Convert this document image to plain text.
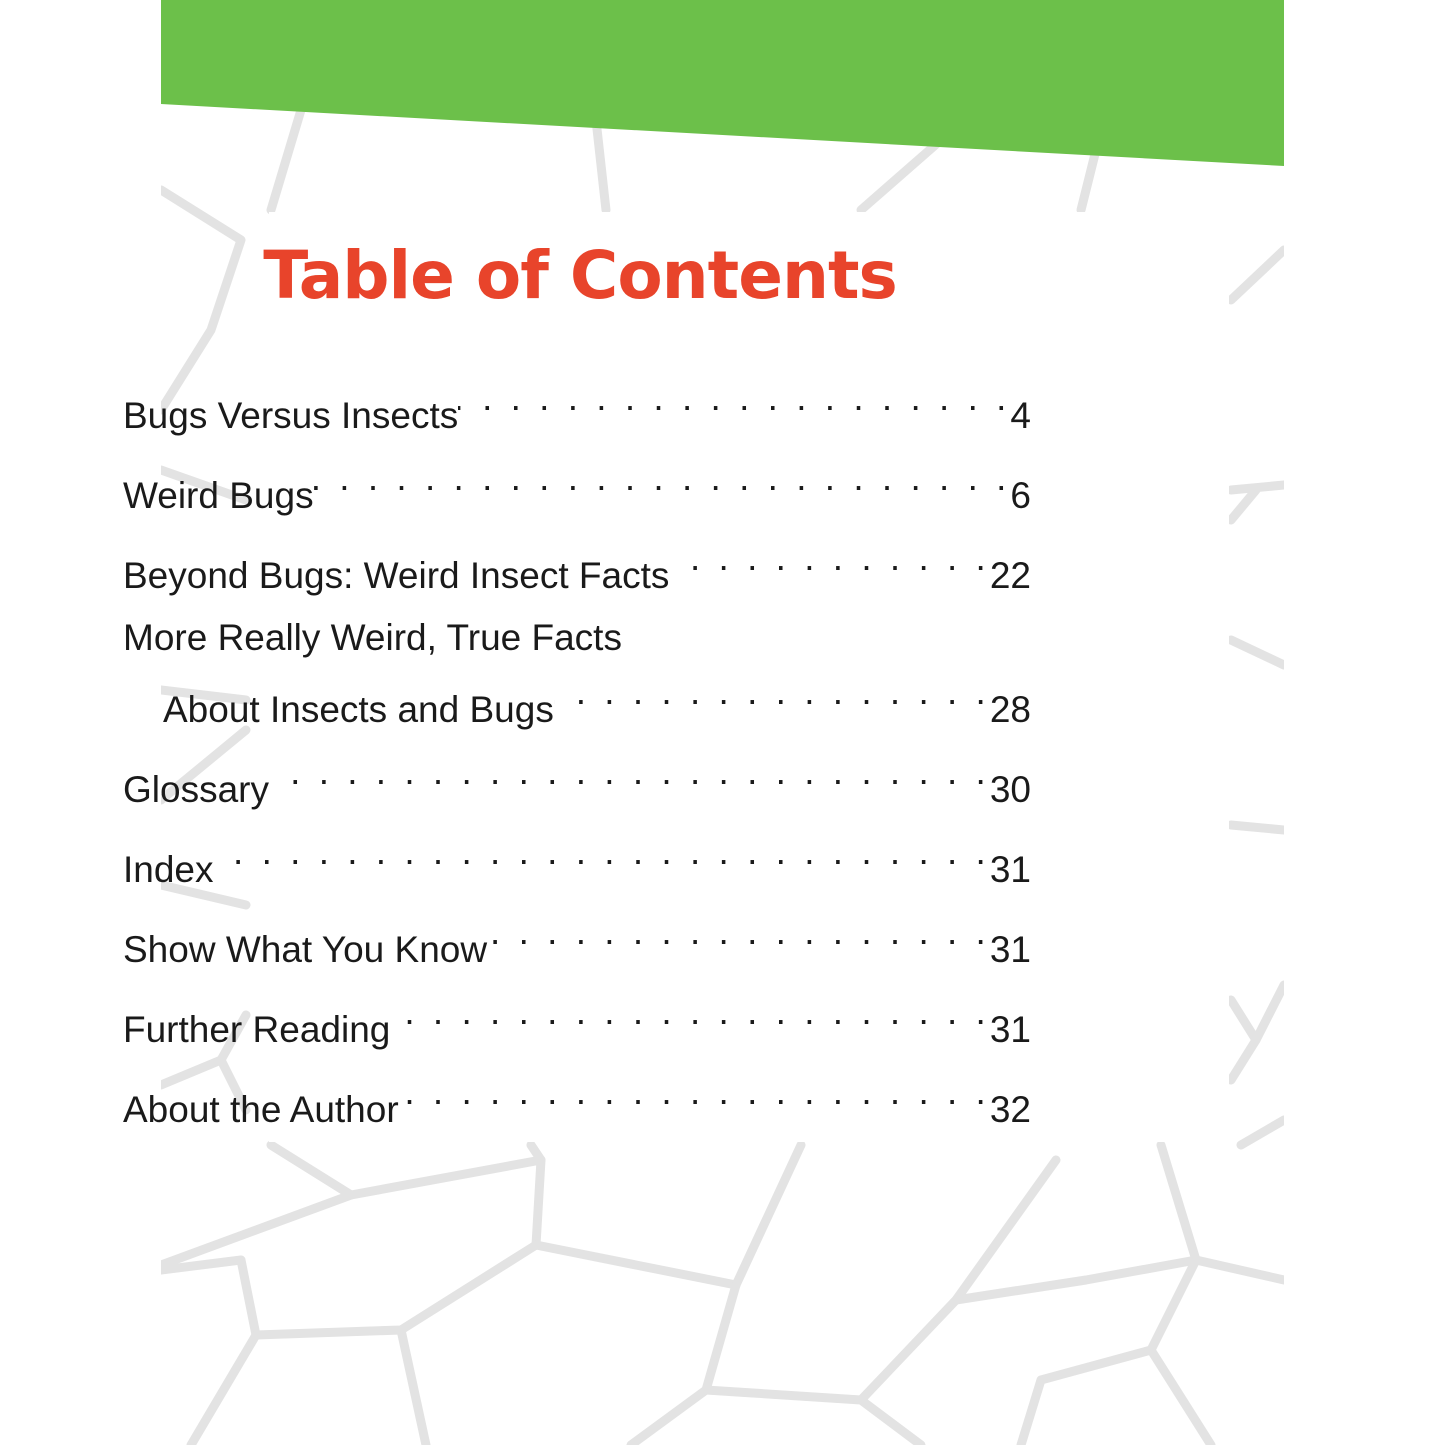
Table of Contents
Bugs Versus Insects . . .	4
Weird Bugs . . .	6
Beyond Bugs: Weird Insect Facts . . .	22
More Really Weird, True Facts
About Insects and Bugs . . .	28
Glossary . . .	30
Index . . .	31
Show What You Know . . .	31
Further Reading . . .	31
About the Author . . .	32
